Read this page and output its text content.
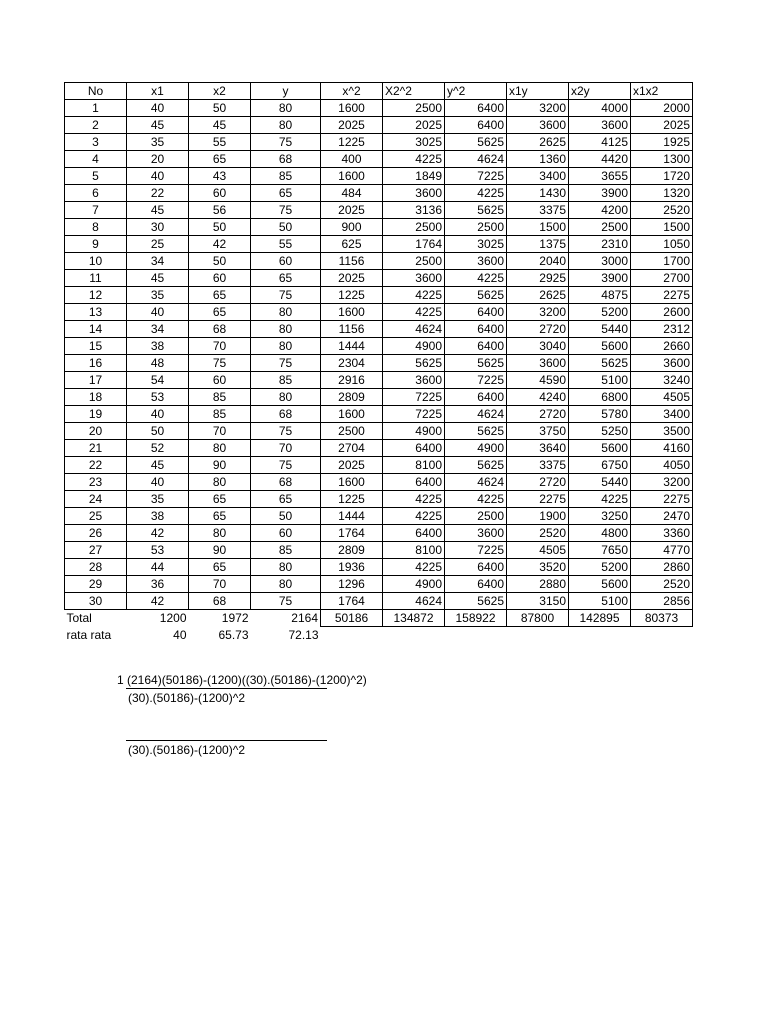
No	x1	x2	y	x^2	X2^2	y^2	x1y	x2y	x1x2
1	40	50	80	1600	2500	6400	3200	4000	2000
2	45	45	80	2025	2025	6400	3600	3600	2025
3	35	55	75	1225	3025	5625	2625	4125	1925
4	20	65	68	400	4225	4624	1360	4420	1300
5	40	43	85	1600	1849	7225	3400	3655	1720
6	22	60	65	484	3600	4225	1430	3900	1320
7	45	56	75	2025	3136	5625	3375	4200	2520
8	30	50	50	900	2500	2500	1500	2500	1500
9	25	42	55	625	1764	3025	1375	2310	1050
10	34	50	60	1156	2500	3600	2040	3000	1700
11	45	60	65	2025	3600	4225	2925	3900	2700
12	35	65	75	1225	4225	5625	2625	4875	2275
13	40	65	80	1600	4225	6400	3200	5200	2600
14	34	68	80	1156	4624	6400	2720	5440	2312
15	38	70	80	1444	4900	6400	3040	5600	2660
16	48	75	75	2304	5625	5625	3600	5625	3600
17	54	60	85	2916	3600	7225	4590	5100	3240
18	53	85	80	2809	7225	6400	4240	6800	4505
19	40	85	68	1600	7225	4624	2720	5780	3400
20	50	70	75	2500	4900	5625	3750	5250	3500
21	52	80	70	2704	6400	4900	3640	5600	4160
22	45	90	75	2025	8100	5625	3375	6750	4050
23	40	80	68	1600	6400	4624	2720	5440	3200
24	35	65	65	1225	4225	4225	2275	4225	2275
25	38	65	50	1444	4225	2500	1900	3250	2470
26	42	80	60	1764	6400	3600	2520	4800	3360
27	53	90	85	2809	8100	7225	4505	7650	4770
28	44	65	80	1936	4225	6400	3520	5200	2860
29	36	70	80	1296	4900	6400	2880	5600	2520
30	42	68	75	1764	4624	5625	3150	5100	2856
Total	1200	1972	2164	50186	134872	158922	87800	142895	80373
rata rata	40	65.73	72.13						
1 (2164)(50186)-(1200)((30).(50186)-(1200)^2)
(30).(50186)-(1200)^2
(30).(50186)-(1200)^2
